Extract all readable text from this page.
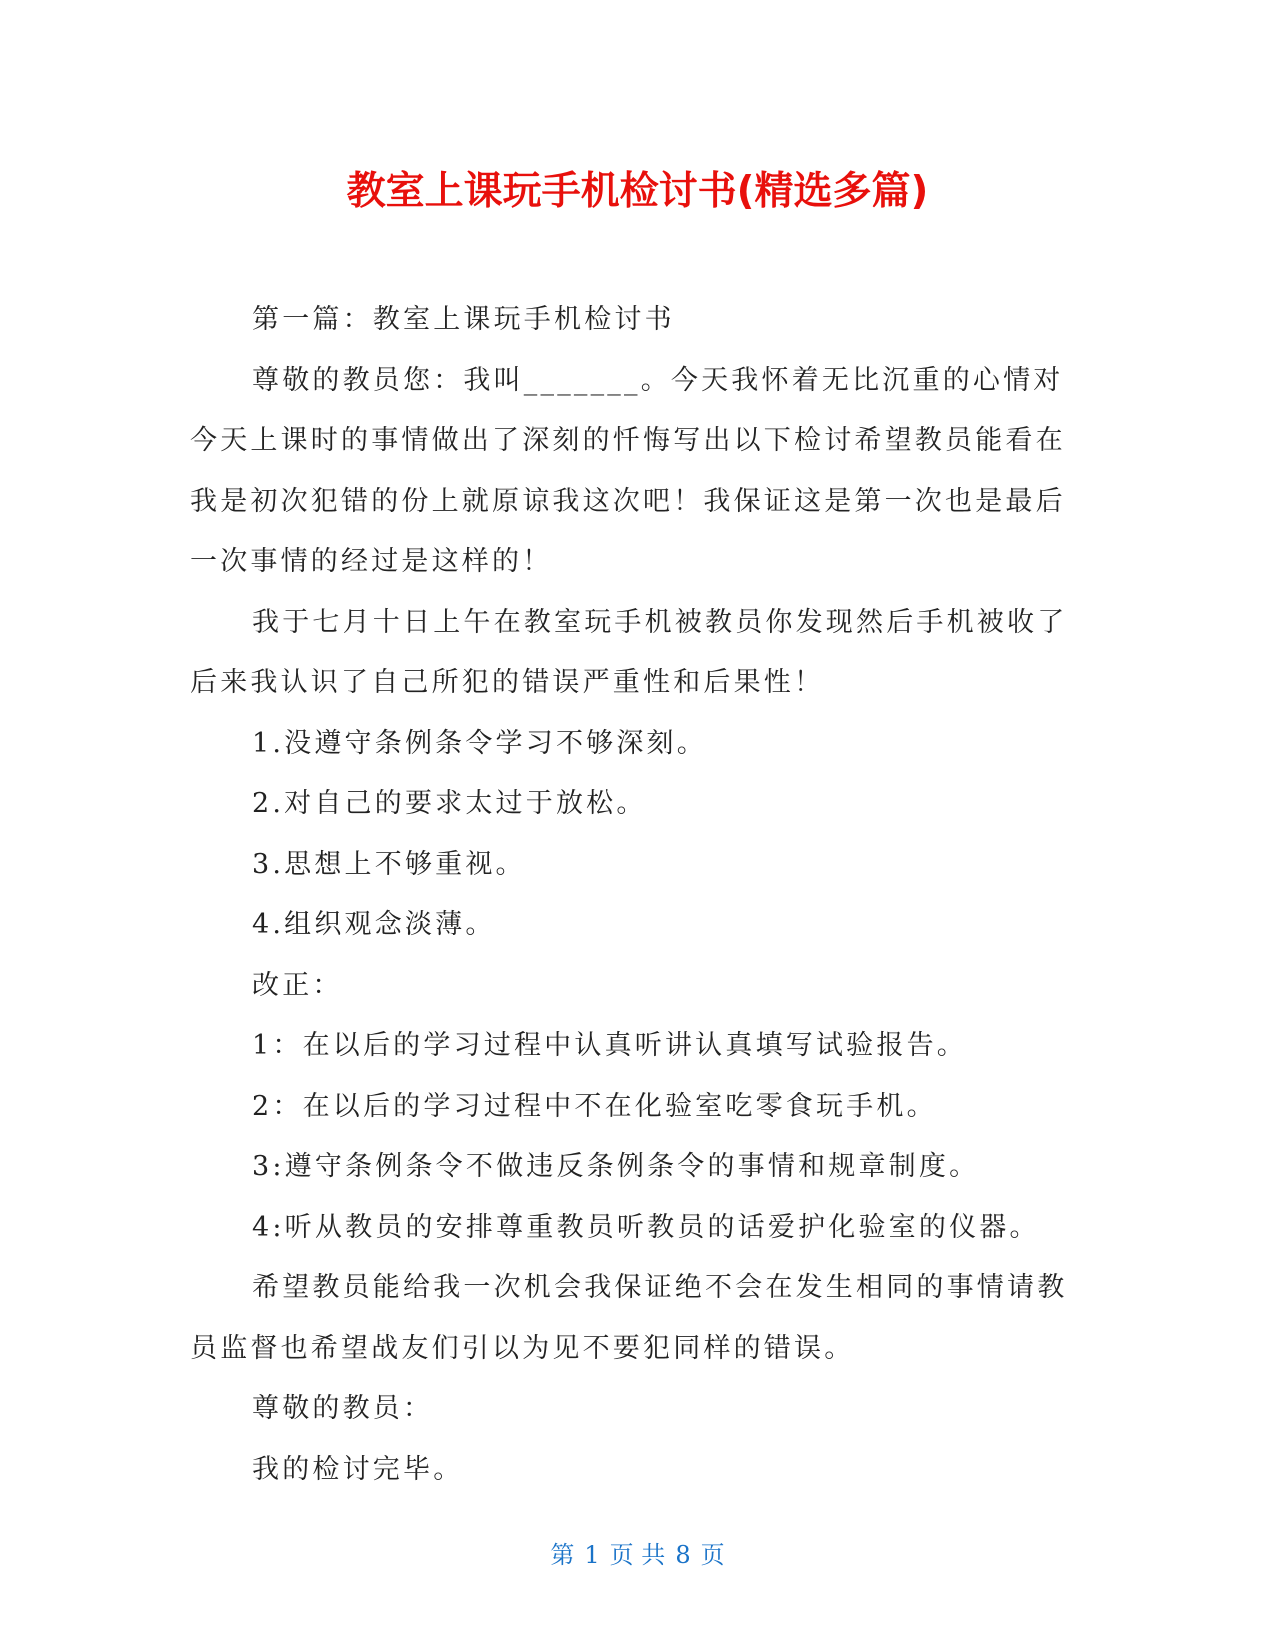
教室上课玩手机检讨书(精选多篇)

第一篇：教室上课玩手机检讨书

尊敬的教员您：我叫_______。今天我怀着无比沉重的心情对今天上课时的事情做出了深刻的忏悔写出以下检讨希望教员能看在我是初次犯错的份上就原谅我这次吧！我保证这是第一次也是最后一次事情的经过是这样的！

我于七月十日上午在教室玩手机被教员你发现然后手机被收了后来我认识了自己所犯的错误严重性和后果性！

1.没遵守条例条令学习不够深刻。

2.对自己的要求太过于放松。

3.思想上不够重视。

4.组织观念淡薄。

改正：

1：在以后的学习过程中认真听讲认真填写试验报告。

2：在以后的学习过程中不在化验室吃零食玩手机。

3:遵守条例条令不做违反条例条令的事情和规章制度。

4:听从教员的安排尊重教员听教员的话爱护化验室的仪器。

希望教员能给我一次机会我保证绝不会在发生相同的事情请教员监督也希望战友们引以为见不要犯同样的错误。

尊敬的教员：

我的检讨完毕。

第 1 页 共 8 页
